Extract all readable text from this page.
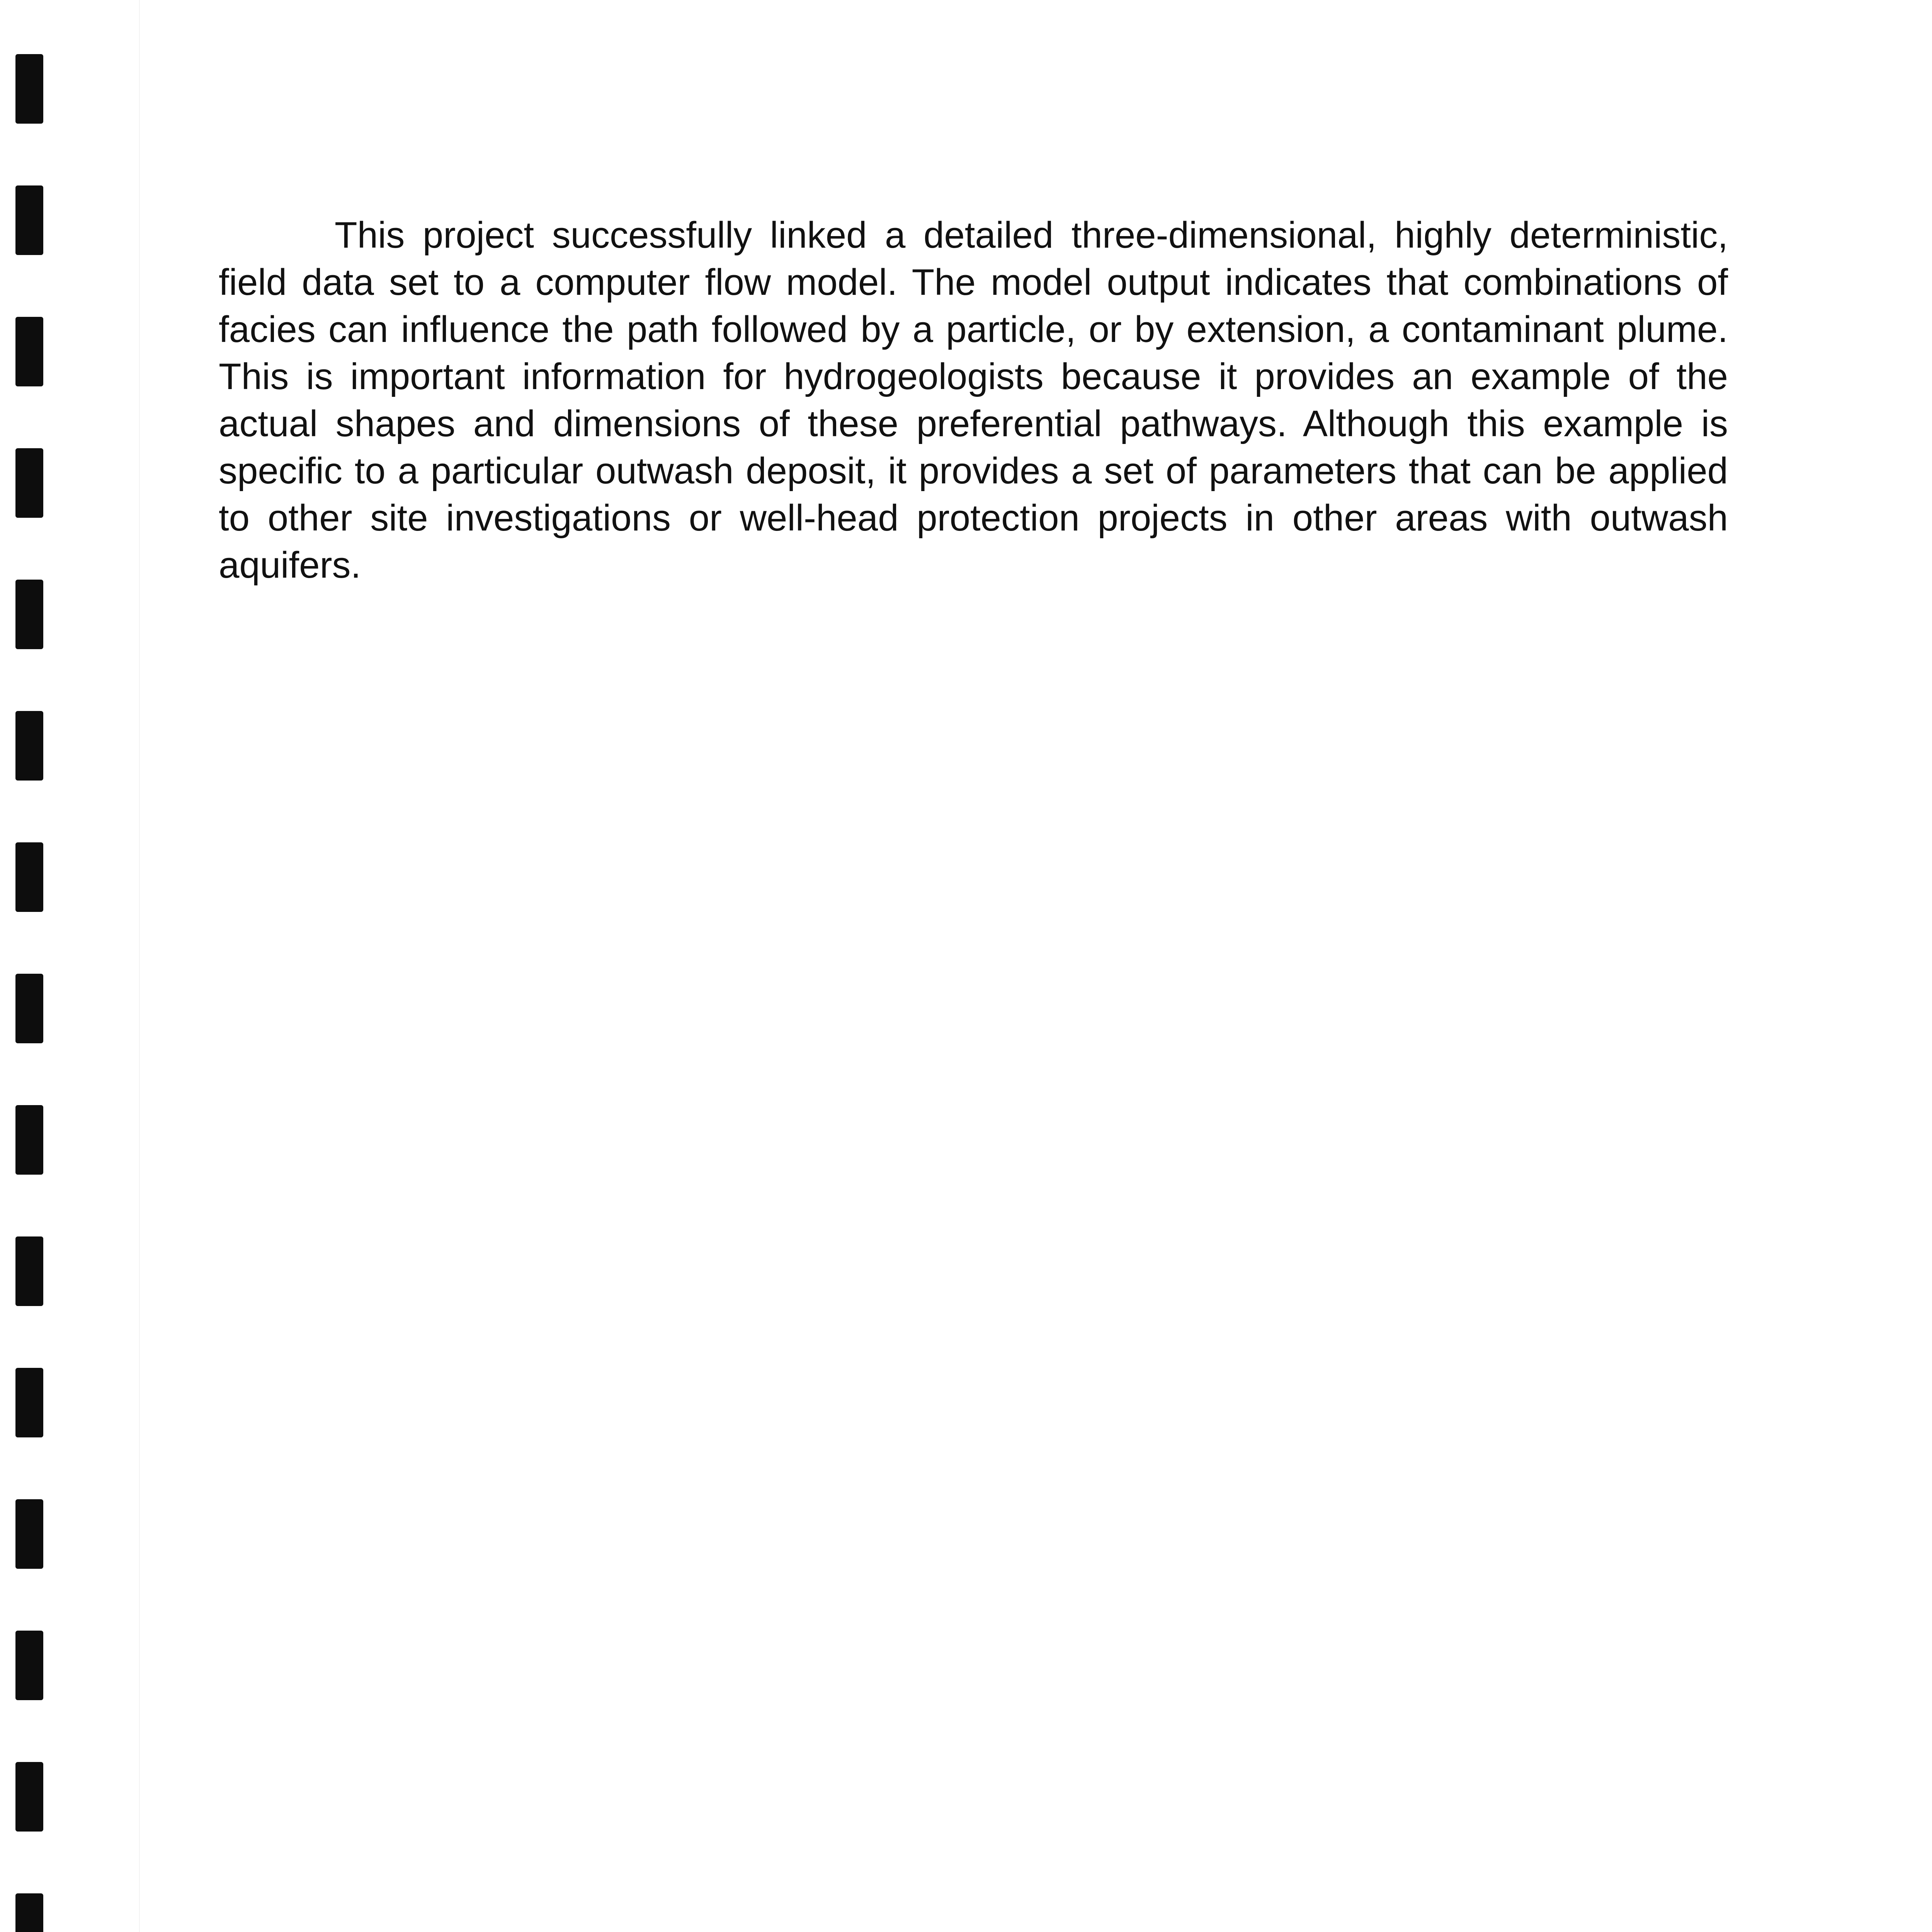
This project successfully linked a detailed three-dimensional, highly deterministic, field data set to a computer flow model. The model output indicates that combinations of facies can influence the path followed by a particle, or by extension, a contaminant plume. This is important information for hydrogeologists because it provides an example of the actual shapes and dimensions of these preferential pathways. Although this example is specific to a particular outwash deposit, it provides a set of parameters that can be applied to other site investigations or well-head protection projects in other areas with outwash aquifers.
